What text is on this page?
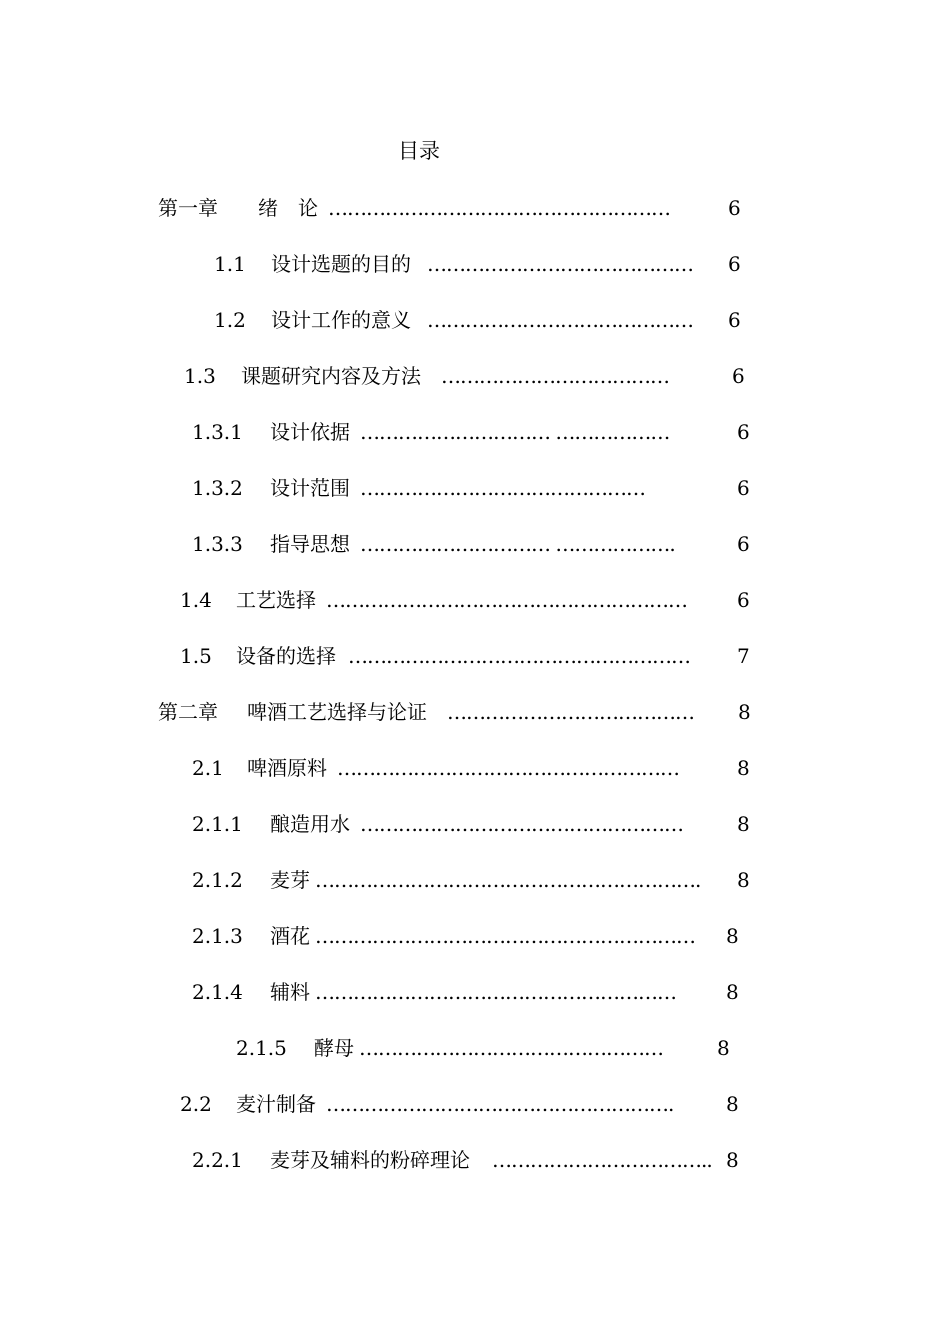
目录
第一章 绪　论 ………………………………………………	6
1.1 设计选题的目的 …………………………………… 6
1.2 设计工作的意义 …………………………………… 6
1.3 课题研究内容及方法 ………………………………	6
1.3.1 设计依据 ………………………… ………………	6
1.3.2 设计范围 ………………………………………	6
1.3.3 指导思想 ………………………… ……………….	6
1.4 工艺选择 …………………………………………………	6
1.5 设备的选择 ……………………………………………… 7
第二章 啤酒工艺选择与论证 ………………………………… 8
2.1 啤酒原料 ………………………………………………	8
2.1.1 酿造用水 ……………………………………………	8
2.1.2 麦芽 ……………………………………………………. 8
2.1.3 酒花 …………………………………………………… 8
2.1.4 辅料 …………………………………………………	8
2.1.5 酵母 …………………………………………	8
2.2 麦汁制备 ……………………………………………….	8
2.2.1 麦芽及辅料的粉碎理论 …………………………….. 8
